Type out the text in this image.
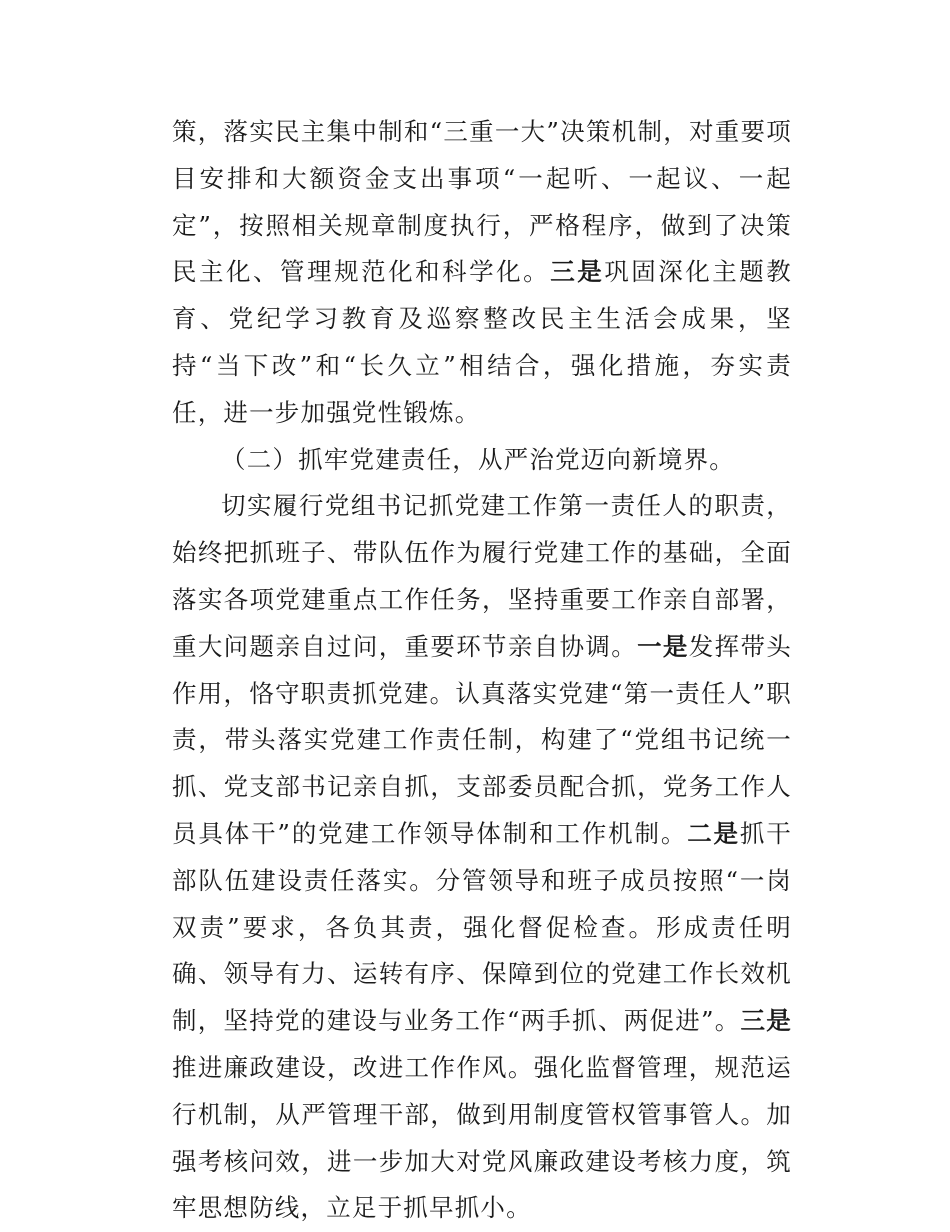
策，落实民主集中制和“三重一大”决策机制，对重要项目安排和大额资金支出事项“一起听、一起议、一起定”，按照相关规章制度执行，严格程序，做到了决策民主化、管理规范化和科学化。三是巩固深化主题教育、党纪学习教育及巡察整改民主生活会成果，坚持“当下改”和“长久立”相结合，强化措施，夯实责任，进一步加强党性锻炼。

（二）抓牢党建责任，从严治党迈向新境界。

切实履行党组书记抓党建工作第一责任人的职责，始终把抓班子、带队伍作为履行党建工作的基础，全面落实各项党建重点工作任务，坚持重要工作亲自部署，重大问题亲自过问，重要环节亲自协调。一是发挥带头作用，恪守职责抓党建。认真落实党建“第一责任人”职责，带头落实党建工作责任制，构建了“党组书记统一抓、党支部书记亲自抓，支部委员配合抓，党务工作人员具体干”的党建工作领导体制和工作机制。二是抓干部队伍建设责任落实。分管领导和班子成员按照“一岗双责”要求，各负其责，强化督促检查。形成责任明确、领导有力、运转有序、保障到位的党建工作长效机制，坚持党的建设与业务工作“两手抓、两促进”。三是推进廉政建设，改进工作作风。强化监督管理，规范运行机制，从严管理干部，做到用制度管权管事管人。加强考核问效，进一步加大对党风廉政建设考核力度，筑牢思想防线，立足于抓早抓小。
